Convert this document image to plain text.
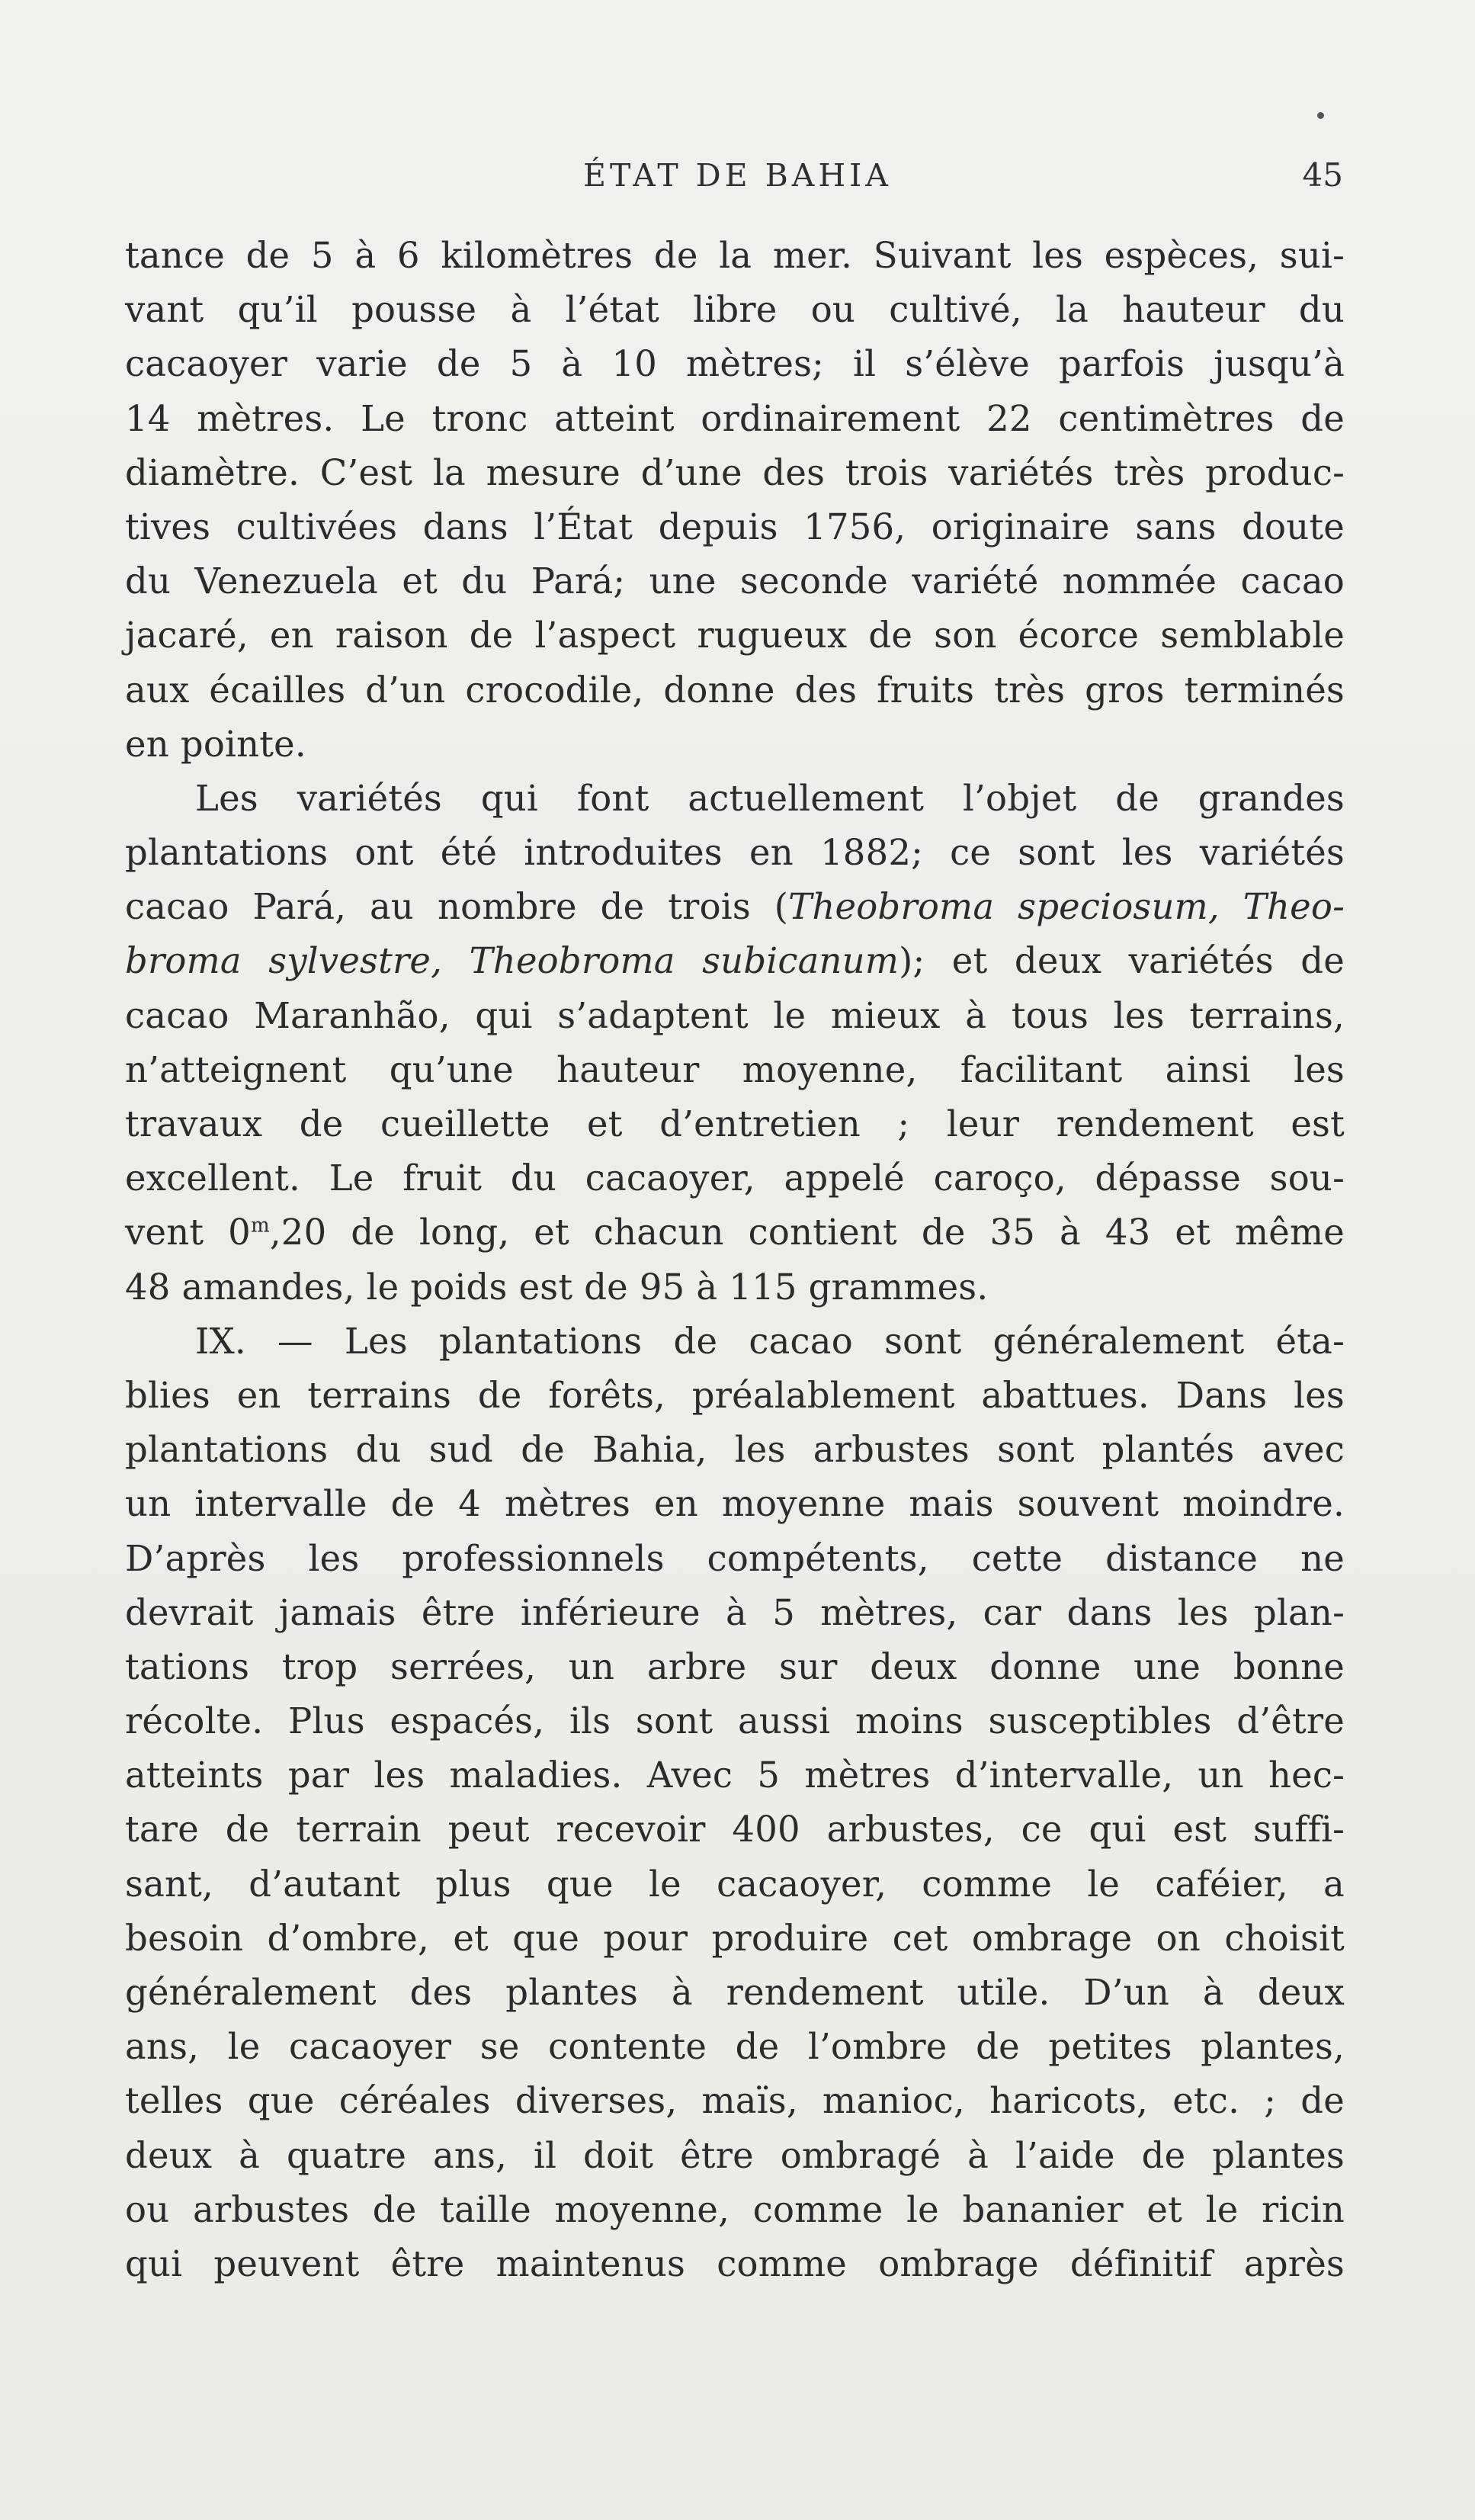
ÉTAT DE BAHIA	45
tance de 5 à 6 kilomètres de la mer. Suivant les espèces, sui-
vant qu’il pousse à l’état libre ou cultivé, la hauteur du
cacaoyer varie de 5 à 10 mètres; il s’élève parfois jusqu’à
14 mètres. Le tronc atteint ordinairement 22 centimètres de
diamètre. C’est la mesure d’une des trois variétés très produc-
tives cultivées dans l’État depuis 1756, originaire sans doute
du Venezuela et du Pará; une seconde variété nommée cacao
jacaré, en raison de l’aspect rugueux de son écorce semblable
aux écailles d’un crocodile, donne des fruits très gros terminés
en pointe.
Les variétés qui font actuellement l’objet de grandes
plantations ont été introduites en 1882; ce sont les variétés
cacao Pará, au nombre de trois (Theobroma speciosum, Theo-
broma sylvestre, Theobroma subicanum); et deux variétés de
cacao Maranhão, qui s’adaptent le mieux à tous les terrains,
n’atteignent qu’une hauteur moyenne, facilitant ainsi les
travaux de cueillette et d’entretien ; leur rendement est
excellent. Le fruit du cacaoyer, appelé caroço, dépasse sou-
vent 0$^m$,20 de long, et chacun contient de 35 à 43 et même
48 amandes, le poids est de 95 à 115 grammes.
IX. — Les plantations de cacao sont généralement éta-
blies en terrains de forêts, préalablement abattues. Dans les
plantations du sud de Bahia, les arbustes sont plantés avec
un intervalle de 4 mètres en moyenne mais souvent moindre.
D’après les professionnels compétents, cette distance ne
devrait jamais être inférieure à 5 mètres, car dans les plan-
tations trop serrées, un arbre sur deux donne une bonne
récolte. Plus espacés, ils sont aussi moins susceptibles d’être
atteints par les maladies. Avec 5 mètres d’intervalle, un hec-
tare de terrain peut recevoir 400 arbustes, ce qui est suffi-
sant, d’autant plus que le cacaoyer, comme le caféier, a
besoin d’ombre, et que pour produire cet ombrage on choisit
généralement des plantes à rendement utile. D’un à deux
ans, le cacaoyer se contente de l’ombre de petites plantes,
telles que céréales diverses, maïs, manioc, haricots, etc. ; de
deux à quatre ans, il doit être ombragé à l’aide de plantes
ou arbustes de taille moyenne, comme le bananier et le ricin
qui peuvent être maintenus comme ombrage définitif après
